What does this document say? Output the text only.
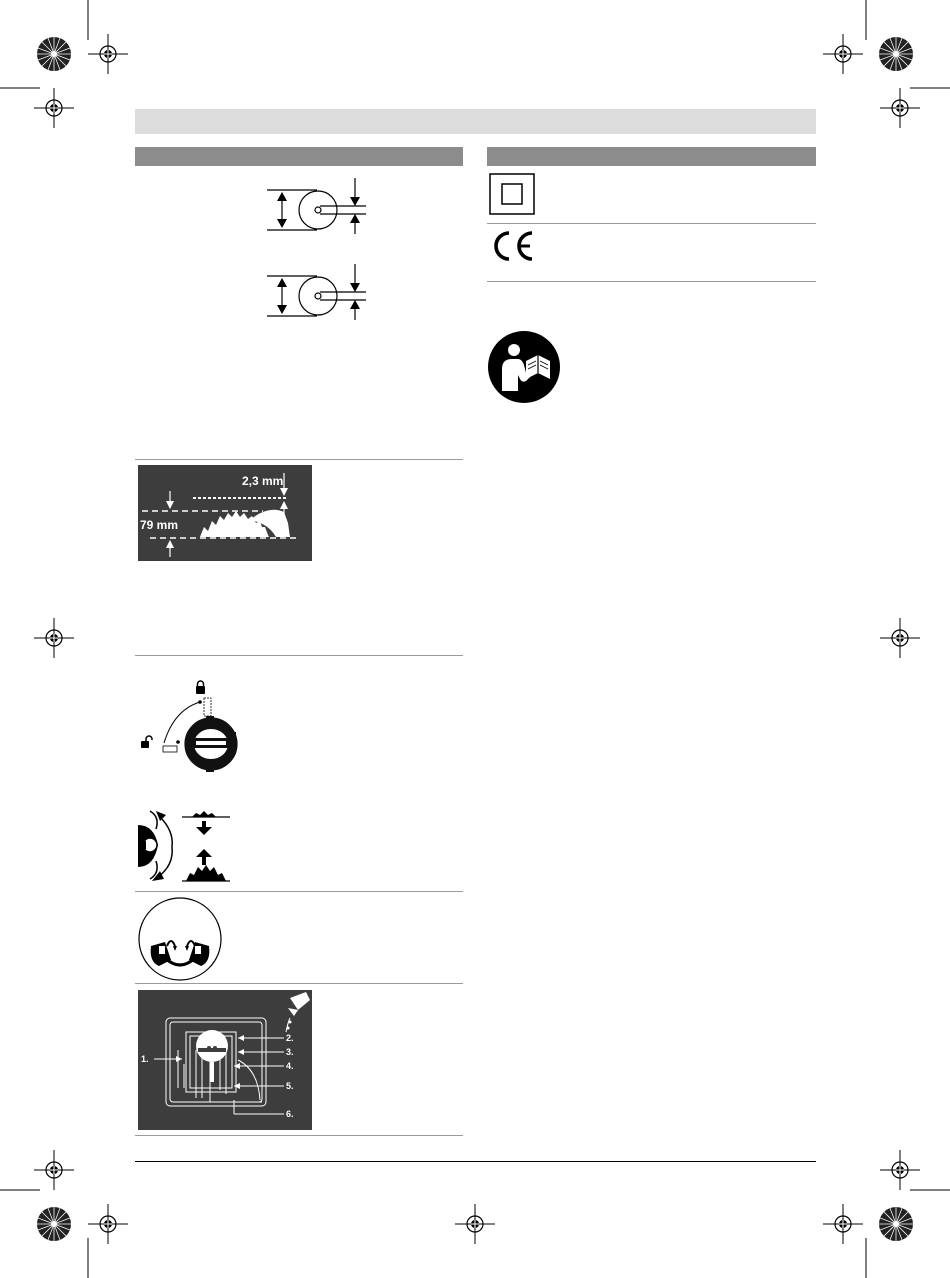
2,3 mm
79 mm
1.
2.
3.
4.
5.
6.
